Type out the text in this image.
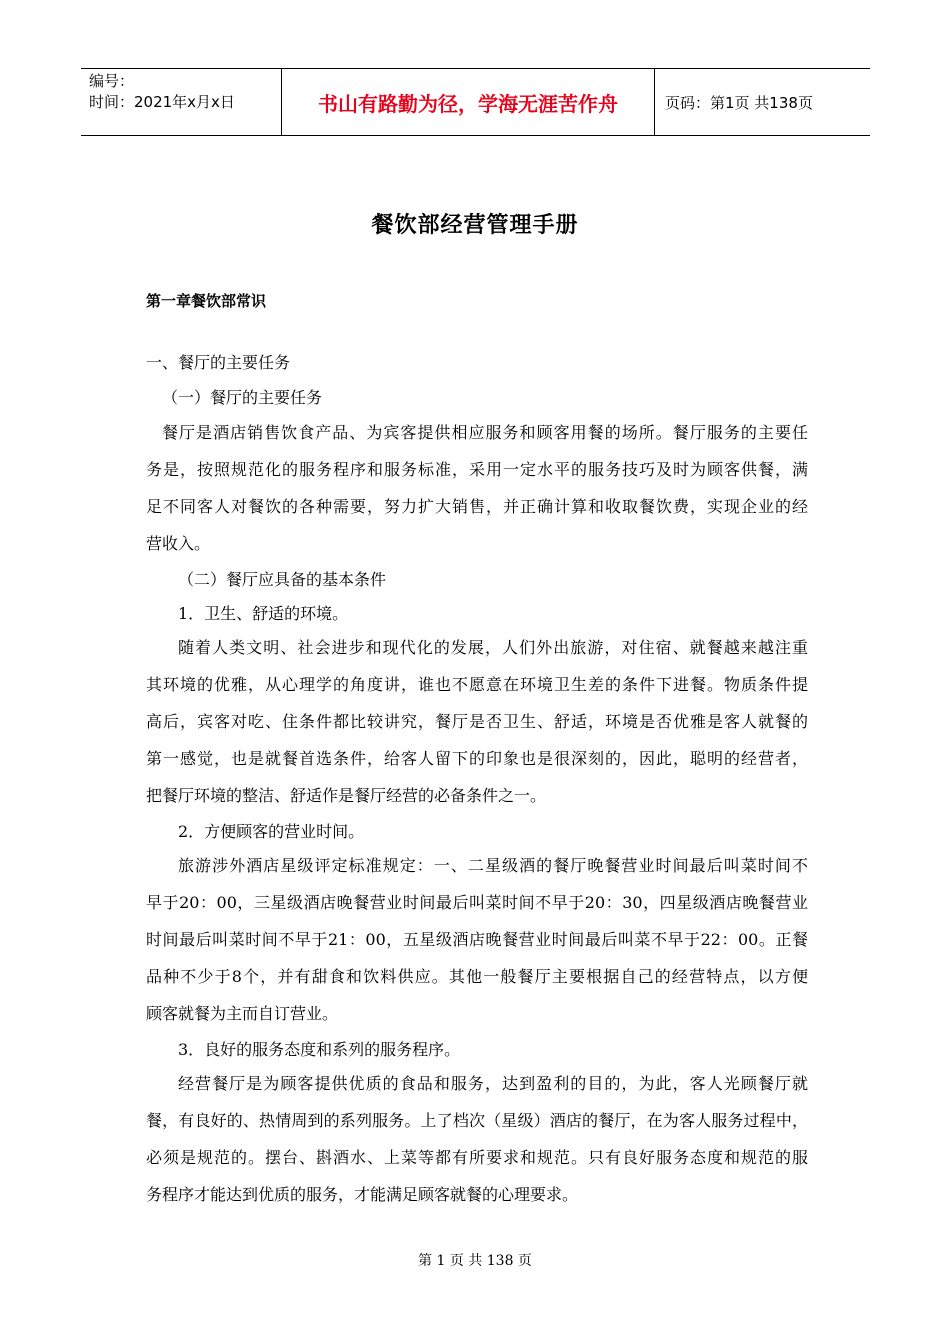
编号：
时间：2021年x月x日	书山有路勤为径，学海无涯苦作舟	页码：第1页 共138页
餐饮部经营管理手册
第一章餐饮部常识
一、餐厅的主要任务
（一）餐厅的主要任务
餐厅是酒店销售饮食产品、为宾客提供相应服务和顾客用餐的场所。餐厅服务的主要任
务是，按照规范化的服务程序和服务标准，采用一定水平的服务技巧及时为顾客供餐，满
足不同客人对餐饮的各种需要，努力扩大销售，并正确计算和收取餐饮费，实现企业的经
营收入。
（二）餐厅应具备的基本条件
1．卫生、舒适的环境。
随着人类文明、社会进步和现代化的发展，人们外出旅游，对住宿、就餐越来越注重
其环境的优雅，从心理学的角度讲，谁也不愿意在环境卫生差的条件下进餐。物质条件提
高后，宾客对吃、住条件都比较讲究，餐厅是否卫生、舒适，环境是否优雅是客人就餐的
第一感觉，也是就餐首选条件，给客人留下的印象也是很深刻的，因此，聪明的经营者，
把餐厅环境的整洁、舒适作是餐厅经营的必备条件之一。
2．方便顾客的营业时间。
旅游涉外酒店星级评定标准规定：一、二星级酒的餐厅晚餐营业时间最后叫菜时间不
早于20：00，三星级酒店晚餐营业时间最后叫菜时间不早于20：30，四星级酒店晚餐营业
时间最后叫菜时间不早于21：00，五星级酒店晚餐营业时间最后叫菜不早于22：00。正餐
品种不少于8个，并有甜食和饮料供应。其他一般餐厅主要根据自己的经营特点，以方便
顾客就餐为主而自订营业。
3．良好的服务态度和系列的服务程序。
经营餐厅是为顾客提供优质的食品和服务，达到盈利的目的，为此，客人光顾餐厅就
餐，有良好的、热情周到的系列服务。上了档次（星级）酒店的餐厅，在为客人服务过程中，
必须是规范的。摆台、斟酒水、上菜等都有所要求和规范。只有良好服务态度和规范的服
务程序才能达到优质的服务，才能满足顾客就餐的心理要求。
第 1 页 共 138 页
